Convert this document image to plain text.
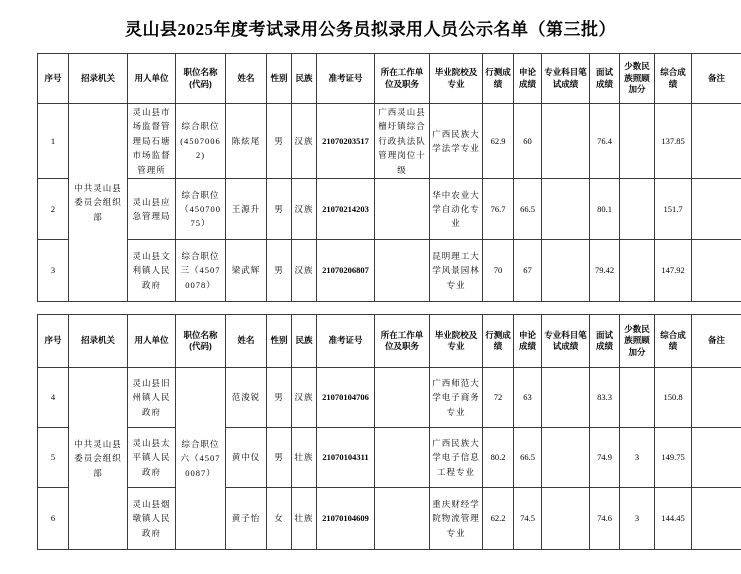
灵山县2025年度考试录用公务员拟录用人员公示名单（第三批）
序号	招录机关	用人单位	职位名称(代码)	姓名	性别	民族	准考证号	所在工作单位及职务	毕业院校及专业	行测成绩	申论成绩	专业科目笔试成绩	面试成绩	少数民族照顾加分	综合成绩	备注
1	中共灵山县委员会组织部	灵山县市场监督管理局石塘市场监督管理所	综合职位(45070062)	陈炫尾	男	汉族	21070203517	广西灵山县檀圩镇综合行政执法队管理岗位十级	广西民族大学法学专业	62.9	60		76.4		137.85	
2		灵山县应急管理局	综合职位（45070075）	王源升	男	汉族	21070214203		华中农业大学自动化专业	76.7	66.5		80.1		151.7	
3		灵山县文利镇人民政府	综合职位三（45070078）	梁武辉	男	汉族	21070206807		昆明理工大学风景园林专业	70	67		79.42		147.92	
序号	招录机关	用人单位	职位名称(代码)	姓名	性别	民族	准考证号	所在工作单位及职务	毕业院校及专业	行测成绩	申论成绩	专业科目笔试成绩	面试成绩	少数民族照顾加分	综合成绩	备注
4	中共灵山县委员会组织部	灵山县旧州镇人民政府	综合职位六（45070087）	范浚锐	男	汉族	21070104706		广西师范大学电子商务专业	72	63		83.3		150.8	
5		灵山县太平镇人民政府		黄中仪	男	壮族	21070104311		广西民族大学电子信息工程专业	80.2	66.5		74.9	3	149.75	
6		灵山县烟墩镇人民政府		黄子怡	女	壮族	21070104609		重庆财经学院物流管理专业	62.2	74.5		74.6	3	144.45	
